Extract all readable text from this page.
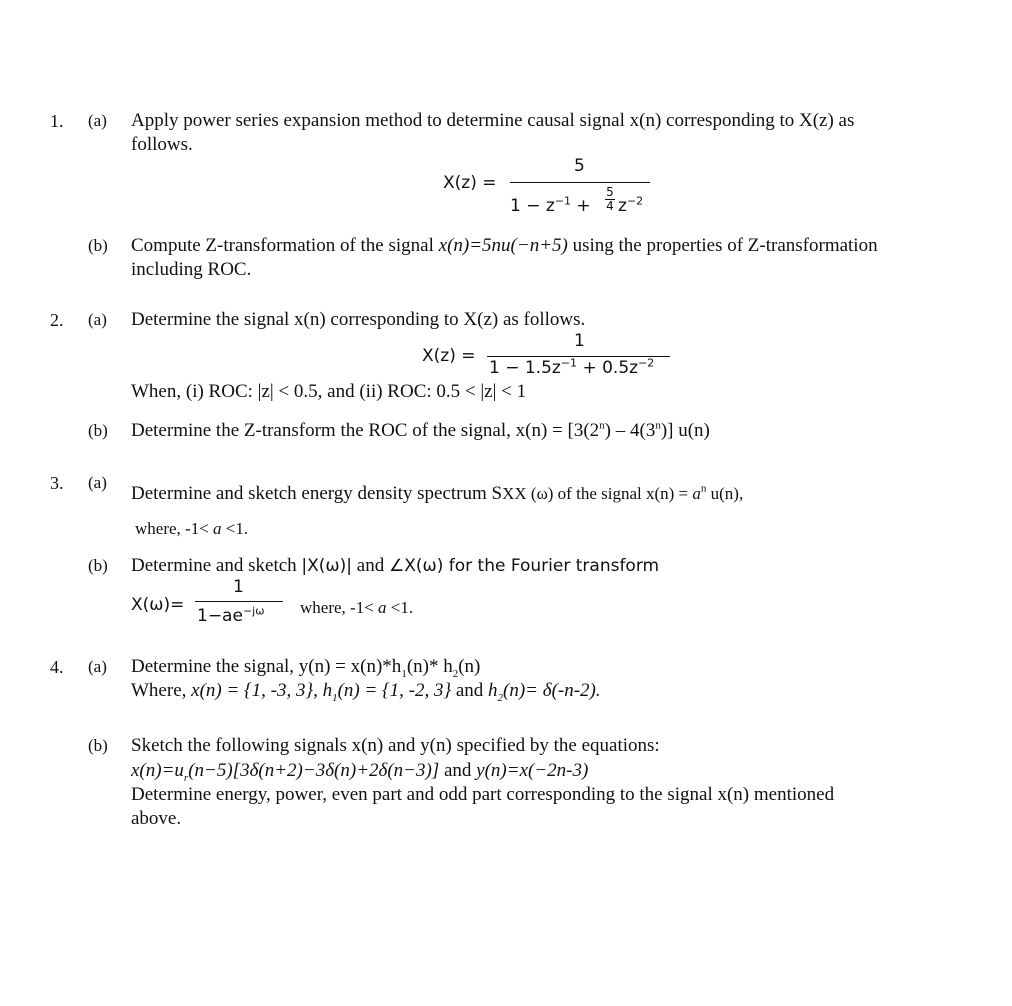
1. (a) Apply power series expansion method to determine causal signal x(n) corresponding to X(z) as
follows.
X(z) =
5
$1 - z^{-1}$ +
5
4 $z^{-2}$
(b) Compute Z-transformation of the signal x(n)=5nu(−n+5) using the properties of Z-transformation
including ROC.
2. (a) Determine the signal x(n) corresponding to X(z) as follows.
X(z) =
1
$1 - 1.5z^{-1} + 0.5z^{-2}$
When, (i) ROC: |z| < 0.5, and (ii) ROC: 0.5 < |z| < 1
(b) Determine the Z-transform the ROC of the signal, $x(n) = [3(2^n) - 4(3^n)]$ u(n)
3. (a)
Determine and sketch energy density spectrum SXX (ω) of the signal $x(n) = a^n$ u(n),
where, -1< a <1.
(b) Determine and sketch |X(ω)| and ∠X(ω) for the Fourier transform
X(ω)=
1
$1-ae^{-j\omega}$ where, -1< a <1.
4. (a) Determine the signal, $y(n) = x(n)*h_1(n)*$ $h_2(n)$
Where, x(n) = {1, -3, 3}, $h_1(n) = \{1$, -2, 3} and $h_2(n)= \delta(-n-2)$.
(b) Sketch the following signals x(n) and y(n) specified by the equations:
$x(n)=u_r(n-5)[3\delta(n+2)-3\delta(n)+2\delta(n-3)]$ and y(n)=x(−2n-3)
Determine energy, power, even part and odd part corresponding to the signal x(n) mentioned
above.
